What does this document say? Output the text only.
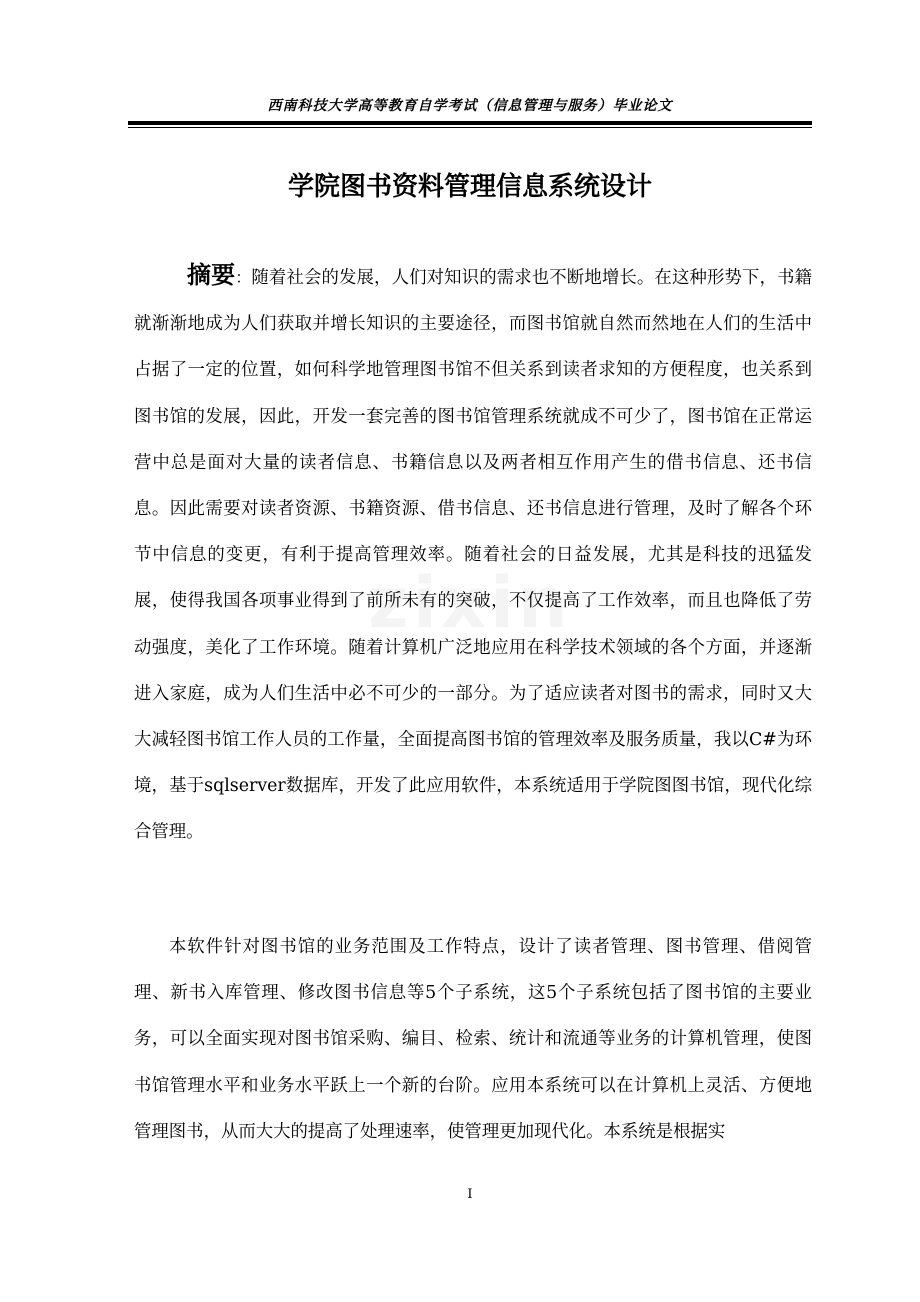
西南科技大学高等教育自学考试（信息管理与服务）毕业论文
学院图书资料管理信息系统设计
摘要：随着社会的发展，人们对知识的需求也不断地增长。在这种形势下，书籍就渐渐地成为人们获取并增长知识的主要途径，而图书馆就自然而然地在人们的生活中占据了一定的位置，如何科学地管理图书馆不但关系到读者求知的方便程度，也关系到图书馆的发展，因此，开发一套完善的图书馆管理系统就成不可少了，图书馆在正常运营中总是面对大量的读者信息、书籍信息以及两者相互作用产生的借书信息、还书信息。因此需要对读者资源、书籍资源、借书信息、还书信息进行管理，及时了解各个环节中信息的变更，有利于提高管理效率。随着社会的日益发展，尤其是科技的迅猛发展，使得我国各项事业得到了前所未有的突破，不仅提高了工作效率，而且也降低了劳动强度，美化了工作环境。随着计算机广泛地应用在科学技术领域的各个方面，并逐渐进入家庭，成为人们生活中必不可少的一部分。为了适应读者对图书的需求，同时又大大减轻图书馆工作人员的工作量，全面提高图书馆的管理效率及服务质量，我以C#为环境，基于sqlserver数据库，开发了此应用软件，本系统适用于学院图图书馆，现代化综合管理。
本软件针对图书馆的业务范围及工作特点，设计了读者管理、图书管理、借阅管理、新书入库管理、修改图书信息等5个子系统，这5个子系统包括了图书馆的主要业务，可以全面实现对图书馆采购、编目、检索、统计和流通等业务的计算机管理，使图书馆管理水平和业务水平跃上一个新的台阶。应用本系统可以在计算机上灵活、方便地管理图书，从而大大的提高了处理速率，使管理更加现代化。本系统是根据实
I
